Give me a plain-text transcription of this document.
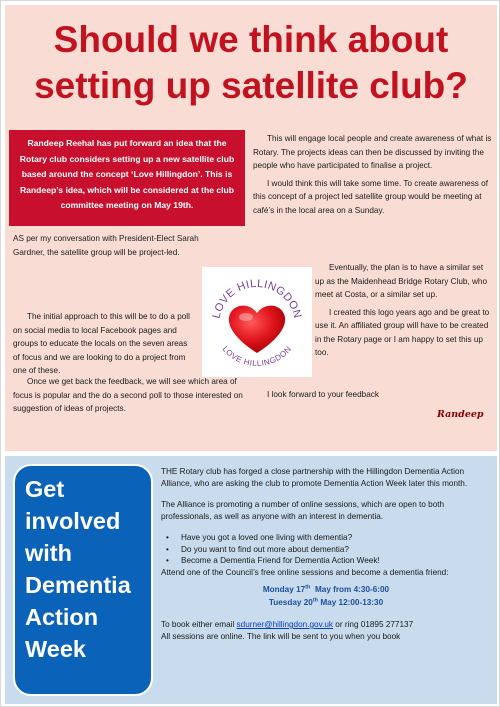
Should we think about
setting up satellite club?
Randeep Reehal has put forward an idea that the Rotary club considers setting up a new satellite club based around the concept ‘Love Hillingdon’. This is Randeep’s idea, which will be considered at the club committee meeting on May 19th.

This will engage local people and create awareness of what is Rotary. The projects ideas can then be discussed by inviting the people who have participated to finalise a project.

I would think this will take some time. To create awareness of this concept of a project led satellite group would be meeting at café’s in the local area on a Sunday.

AS per my conversation with President-Elect Sarah Gardner, the satellite group will be project-led.

The initial approach to this will be to do a poll on social media to local Facebook pages and groups to educate the locals on the seven areas of focus and we are looking to do a project from one of these.

Once we get back the feedback, we will see which area of focus is popular and the do a second poll to those interested on suggestion of ideas of projects.

Eventually, the plan is to have a similar set up as the Maidenhead Bridge Rotary Club, who meet at Costa, or a similar set up.

I created this logo years ago and be great to use it. An affiliated group will have to be created in the Rotary page or I am happy to set this up too.

I look forward to your feedback

LOVE HILLINGDON
LOVE HILLINGDON
Randeep
Get
involved
with
Dementia
Action
Week

THE Rotary club has forged a close partnership with the Hillingdon Dementia Action Alliance, who are asking the club to promote Dementia Action Week later this month.

The Alliance is promoting a number of online sessions, which are open to both professionals, as well as anyone with an interest in dementia.

• Have you got a loved one living with dementia?
• Do you want to find out more about dementia?
• Become a Dementia Friend for Dementia Action Week!

Attend one of the Council’s free online sessions and become a dementia friend:

Monday 17th  May from 4:30-6:00
Tuesday 20th May 12:00-13:30
To book either email sdurner@hillingdon.gov.uk or ring 01895 277137
All sessions are online. The link will be sent to you when you book
